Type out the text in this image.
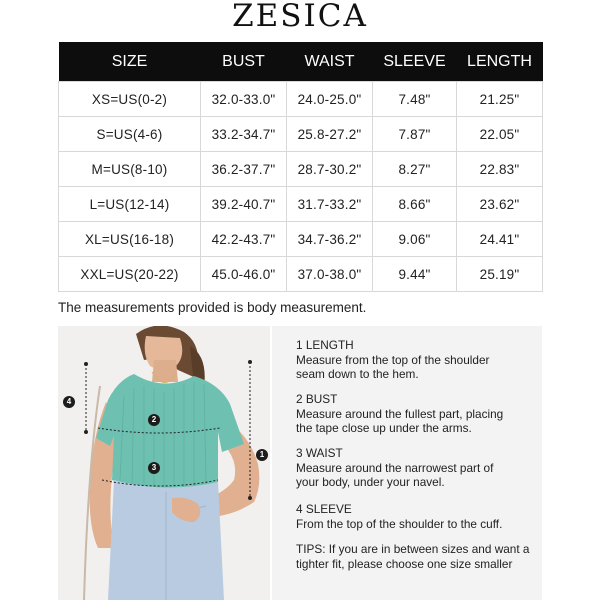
ZESICA
SIZE	BUST	WAIST	SLEEVE	LENGTH
XS=US(0-2)	32.0-33.0"	24.0-25.0"	7.48"	21.25"
S=US(4-6)	33.2-34.7"	25.8-27.2"	7.87"	22.05"
M=US(8-10)	36.2-37.7"	28.7-30.2"	8.27"	22.83"
L=US(12-14)	39.2-40.7"	31.7-33.2"	8.66"	23.62"
XL=US(16-18)	42.2-43.7"	34.7-36.2"	9.06"	24.41"
XXL=US(20-22)	45.0-46.0"	37.0-38.0"	9.44"	25.19"
The measurements provided is body measurement.
4
2
3
1
1 LENGTH
Measure from the top of the shoulder
seam down to the hem.
2 BUST
Measure around the fullest part, placing
the tape close up under the arms.
3 WAIST
Measure around the narrowest part of
your body, under your navel.
4 SLEEVE
From the top of the shoulder to the cuff.
TIPS: If you are in between sizes and want a tighter fit, please choose one size smaller
